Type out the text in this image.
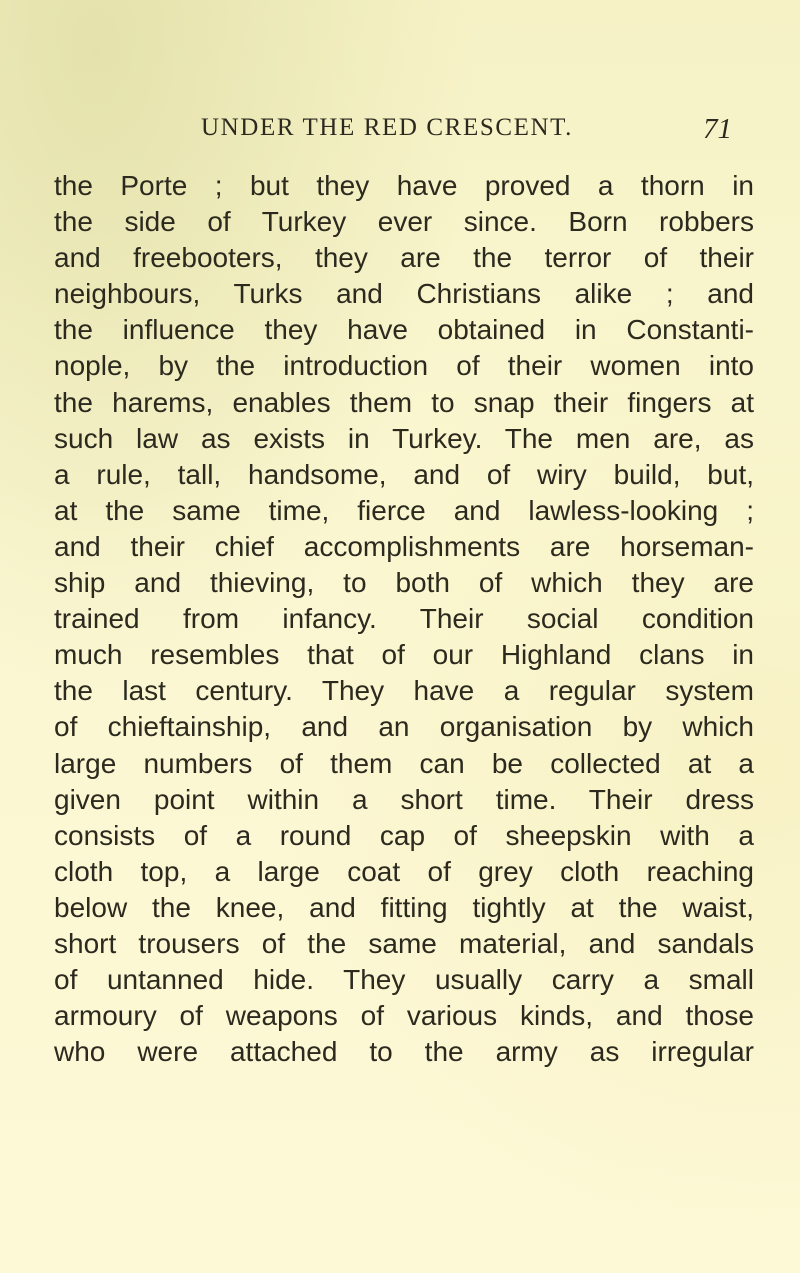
UNDER THE RED CRESCENT.	71
the Porte ; but they have proved a thorn in
the side of Turkey ever since. Born robbers
and freebooters, they are the terror of their
neighbours, Turks and Christians alike ; and
the influence they have obtained in Constanti-
nople, by the introduction of their women into
the harems, enables them to snap their fingers at
such law as exists in Turkey. The men are, as
a rule, tall, handsome, and of wiry build, but,
at the same time, fierce and lawless-looking ;
and their chief accomplishments are horseman-
ship and thieving, to both of which they are
trained from infancy. Their social condition
much resembles that of our Highland clans in
the last century. They have a regular system
of chieftainship, and an organisation by which
large numbers of them can be collected at a
given point within a short time. Their dress
consists of a round cap of sheepskin with a
cloth top, a large coat of grey cloth reaching
below the knee, and fitting tightly at the waist,
short trousers of the same material, and sandals
of untanned hide. They usually carry a small
armoury of weapons of various kinds, and those
who were attached to the army as irregular
